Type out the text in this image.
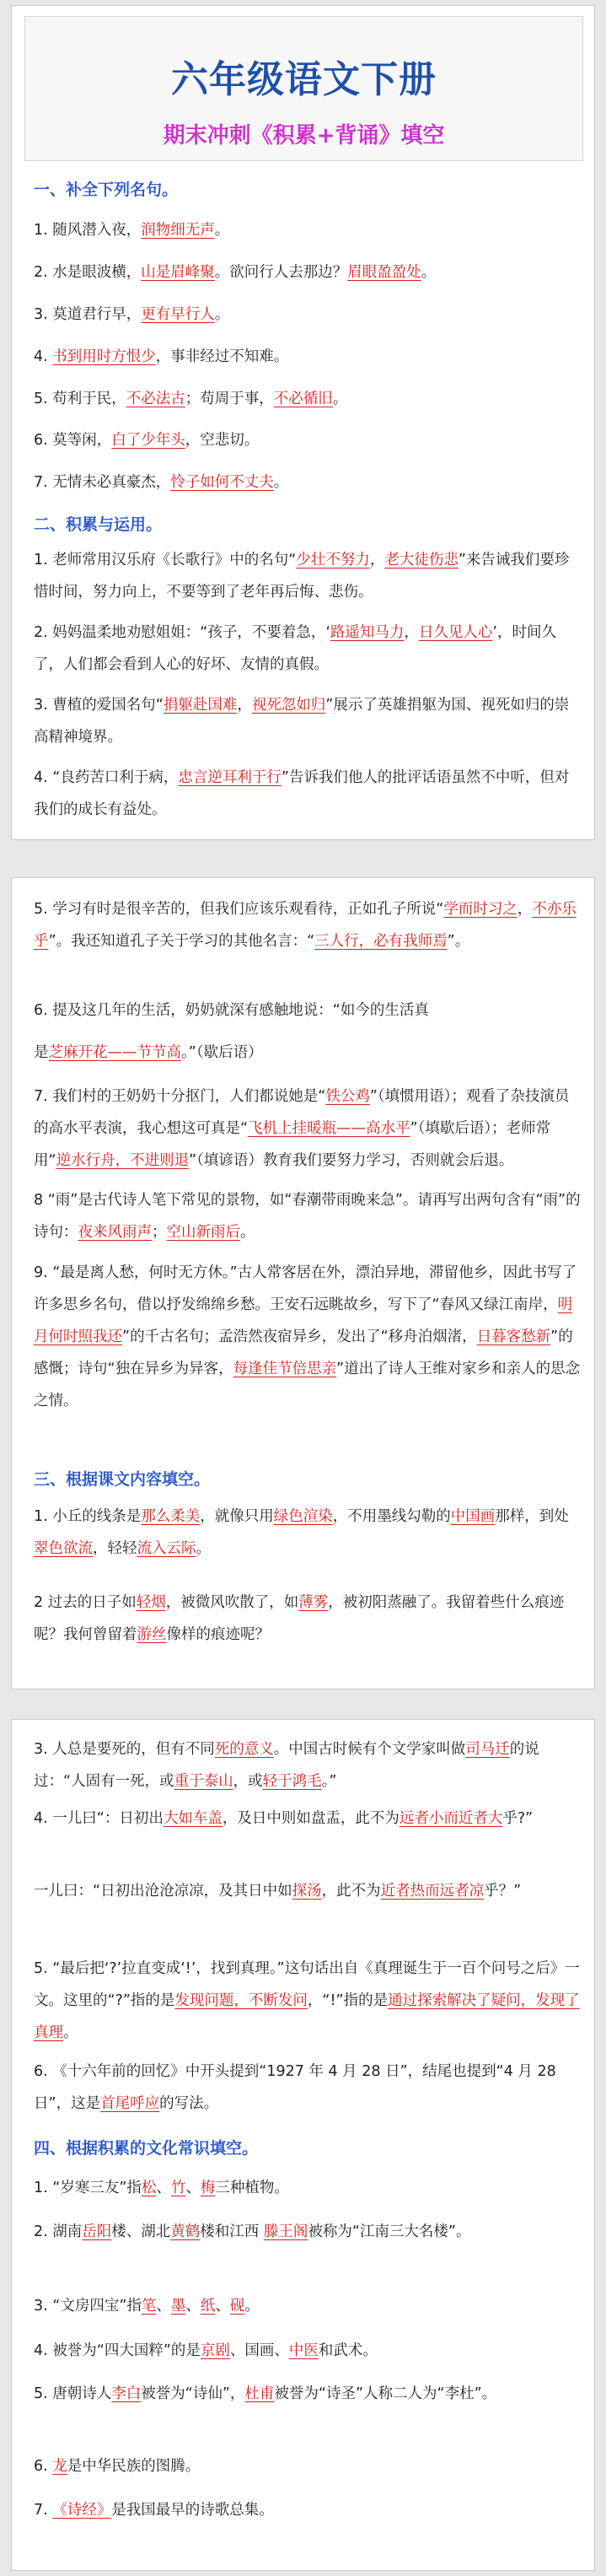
六年级语文下册
期末冲刺《积累+背诵》填空
一、补全下列名句。
1. 随风潜入夜，润物细无声。
2. 水是眼波横，山是眉峰聚。欲问行人去那边？眉眼盈盈处。
3. 莫道君行早，更有早行人。
4. 书到用时方恨少，事非经过不知难。
5. 苟利于民，不必法古；苟周于事，不必循旧。
6. 莫等闲，白了少年头，空悲切。
7. 无情未必真豪杰，怜子如何不丈夫。
二、积累与运用。
1. 老师常用汉乐府《长歌行》中的名句“少壮不努力，老大徒伤悲”来告诫我们要珍惜时间，努力向上，不要等到了老年再后悔、悲伤。
2. 妈妈温柔地劝慰姐姐：“孩子，不要着急，‘路遥知马力，日久见人心’，时间久了，人们都会看到人心的好坏、友情的真假。
3. 曹植的爱国名句“捐躯赴国难，视死忽如归”展示了英雄捐躯为国、视死如归的崇高精神境界。
4. “良药苦口利于病，忠言逆耳利于行”告诉我们他人的批评话语虽然不中听，但对我们的成长有益处。
5. 学习有时是很辛苦的，但我们应该乐观看待，正如孔子所说“学而时习之，不亦乐乎”。我还知道孔子关于学习的其他名言：“三人行，必有我师焉”。
6. 提及这几年的生活，奶奶就深有感触地说：“如今的生活真
是芝麻开花——节节高。”（歇后语）
7. 我们村的王奶奶十分抠门，人们都说她是“铁公鸡”（填惯用语）；观看了杂技演员的高水平表演，我心想这可真是“飞机上挂暖瓶——高水平”（填歇后语）；老师常用“逆水行舟，不进则退”（填谚语）教育我们要努力学习，否则就会后退。
8 “雨”是古代诗人笔下常见的景物，如“春潮带雨晚来急”。请再写出两句含有“雨”的诗句：夜来风雨声；空山新雨后。
9. “最是离人愁，何时无方休。”古人常客居在外，漂泊异地，滞留他乡，因此书写了许多思乡名句，借以抒发绵绵乡愁。王安石远眺故乡，写下了“春风又绿江南岸，明月何时照我还”的千古名句；孟浩然夜宿异乡，发出了“移舟泊烟渚，日暮客愁新”的感慨；诗句“独在异乡为异客，每逢佳节倍思亲”道出了诗人王维对家乡和亲人的思念之情。
三、根据课文内容填空。
1. 小丘的线条是那么柔美，就像只用绿色渲染，不用墨线勾勒的中国画那样，到处翠色欲流，轻轻流入云际。
2 过去的日子如轻烟，被微风吹散了，如薄雾，被初阳蒸融了。我留着些什么痕迹呢？我何曾留着游丝像样的痕迹呢？
3. 人总是要死的，但有不同死的意义。中国古时候有个文学家叫做司马迁的说过：“人固有一死，或重于泰山，或轻于鸿毛。”
4. 一儿曰“：日初出大如车盖，及日中则如盘盂，此不为远者小而近者大乎?”
一儿曰：“日初出沧沧凉凉，及其日中如探汤，此不为近者热而远者凉乎？”
5. “最后把‘?’拉直变成‘!’，找到真理。”这句话出自《真理诞生于一百个问号之后》一文。这里的“?”指的是发现问题，不断发问，“!”指的是通过探索解决了疑问，发现了真理。
6. 《十六年前的回忆》中开头提到“1927 年 4 月 28 日”，结尾也提到“4 月 28 日”，这是首尾呼应的写法。
四、根据积累的文化常识填空。
1. “岁寒三友”指松、竹、梅三种植物。
2. 湖南岳阳楼、湖北黄鹤楼和江西 滕王阁被称为“江南三大名楼”。
3. “文房四宝”指笔、墨、纸、砚。
4. 被誉为“四大国粹”的是京剧、国画、中医和武术。
5. 唐朝诗人李白被誉为“诗仙”，杜甫被誉为“诗圣”人称二人为“李杜”。
6. 龙是中华民族的图腾。
7. 《诗经》是我国最早的诗歌总集。
